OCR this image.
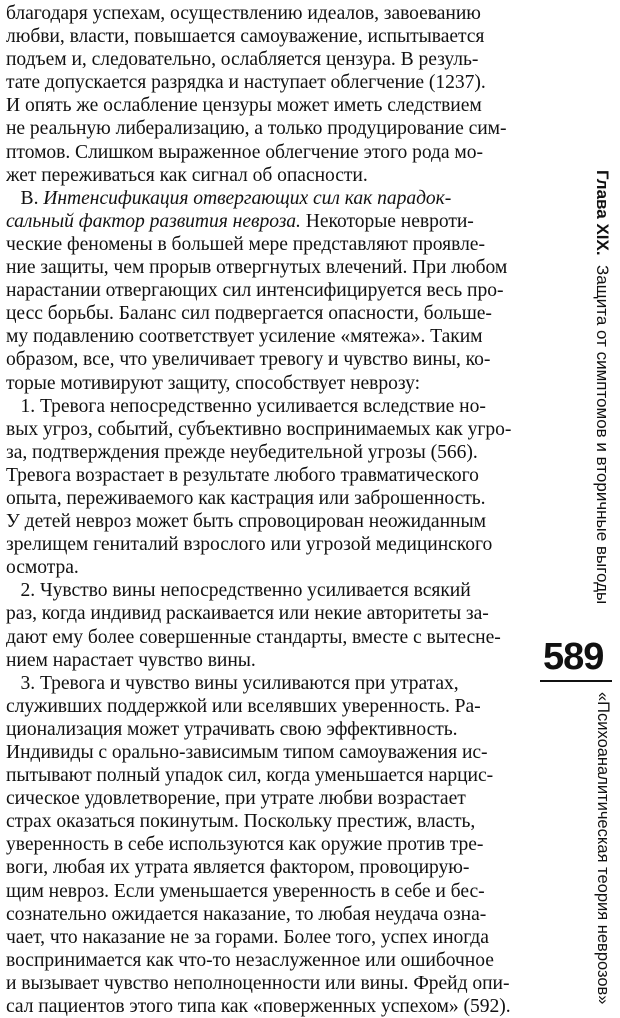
благодаря успехам, осуществлению идеалов, завоеванию
любви, власти, повышается самоуважение, испытывается
подъем и, следовательно, ослабляется цензура. В резуль-
тате допускается разрядка и наступает облегчение (1237).
И опять же ослабление цензуры может иметь следствием
не реальную либерализацию, а только продуцирование сим-
птомов. Слишком выраженное облегчение этого рода мо-
жет переживаться как сигнал об опасности.
В. Интенсификация отвергающих сил как парадок-
сальный фактор развития невроза. Некоторые невроти-
ческие феномены в большей мере представляют проявле-
ние защиты, чем прорыв отвергнутых влечений. При любом
нарастании отвергающих сил интенсифицируется весь про-
цесс борьбы. Баланс сил подвергается опасности, большe-
му подавлению соответствует усиление «мятежа». Таким
образом, все, что увеличивает тревогу и чувство вины, ко-
торые мотивируют защиту, способствует неврозу:
1. Тревога непосредственно усиливается вследствие но-
вых угроз, событий, субъективно воспринимаемых как угро-
за, подтверждения прежде неубедительной угрозы (566).
Тревога возрастает в результате любого травматического
опыта, переживаемого как кастрация или заброшенность.
У детей невроз может быть спровоцирован неожиданным
зрелищем гениталий взрослого или угрозой медицинского
осмотра.
2. Чувство вины непосредственно усиливается всякий
раз, когда индивид раскаивается или некие авторитеты за-
дают ему более совершенные стандарты, вместе с вытесне-
нием нарастает чувство вины.
3. Тревога и чувство вины усиливаются при утратах,
служивших поддержкой или вселявших уверенность. Ра-
ционализация может утрачивать свою эффективность.
Индивиды с орально-зависимым типом самоуважения ис-
пытывают полный упадок сил, когда уменьшается нарцис-
сическое удовлетворение, при утрате любви возрастает
страх оказаться покинутым. Поскольку престиж, власть,
уверенность в себе используются как оружие против тре-
воги, любая их утрата является фактором, провоцирую-
щим невроз. Если уменьшается уверенность в себе и бес-
сознательно ожидается наказание, то любая неудача озна-
чает, что наказание не за горами. Более того, успех иногда
воспринимается как что-то незаслуженное или ошибочное
и вызывает чувство неполноценности или вины. Фрейд опи-
сал пациентов этого типа как «повержeнных успехом» (592).
Глава XIX.  Защита от симптомов и вторичные выгоды
«Психоаналитическая теория неврозов»
589
